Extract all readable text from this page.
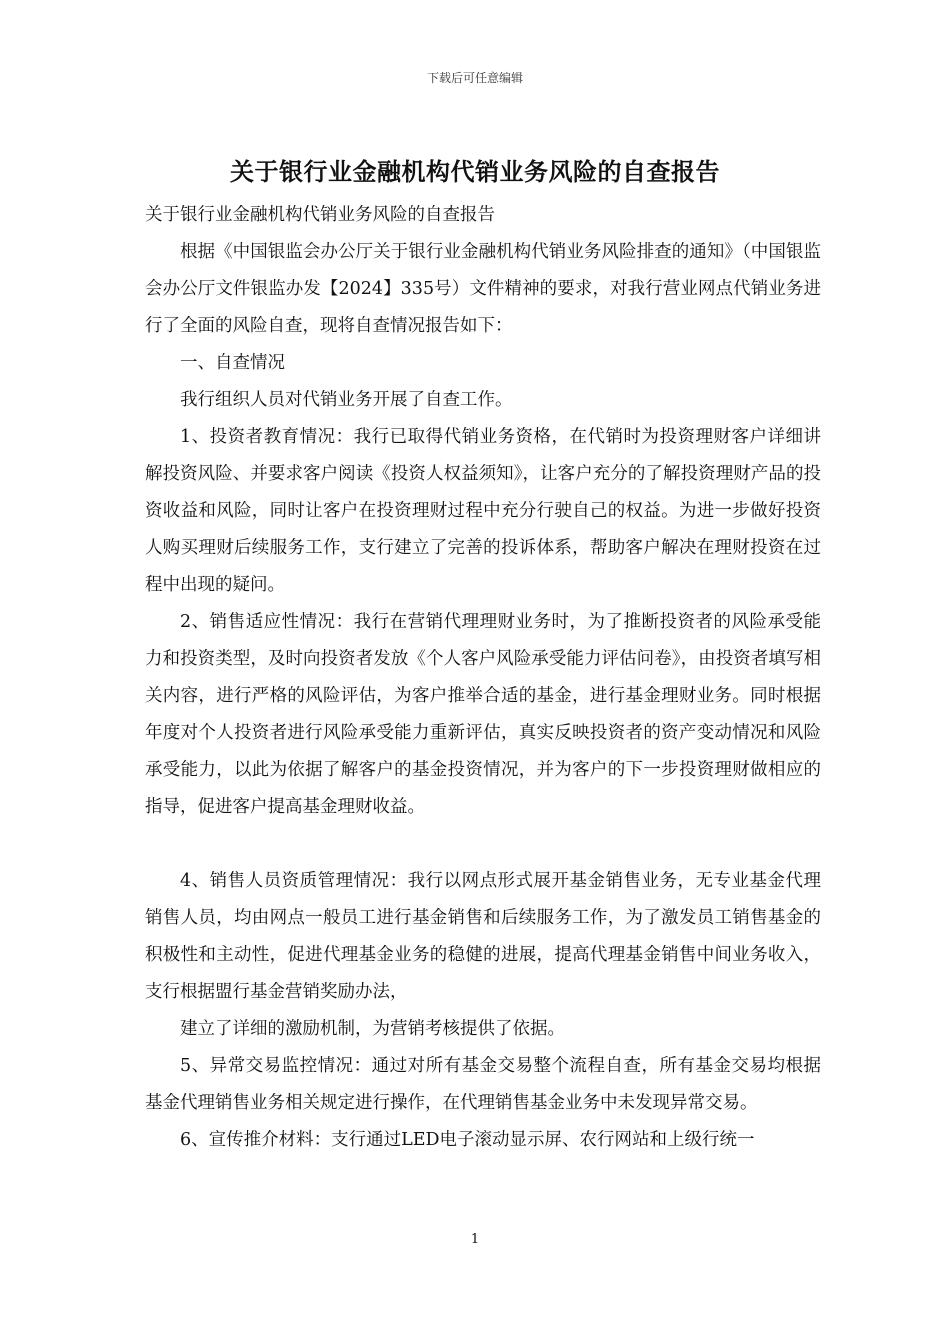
下载后可任意编辑
关于银行业金融机构代销业务风险的自查报告

关于银行业金融机构代销业务风险的自查报告

根据《中国银监会办公厅关于银行业金融机构代销业务风险排查的通知》（中国银监会办公厅文件银监办发【2024】335号）文件精神的要求，对我行营业网点代销业务进行了全面的风险自查，现将自查情况报告如下：

一、自查情况

我行组织人员对代销业务开展了自查工作。

1、投资者教育情况：我行已取得代销业务资格，在代销时为投资理财客户详细讲解投资风险、并要求客户阅读《投资人权益须知》，让客户充分的了解投资理财产品的投资收益和风险，同时让客户在投资理财过程中充分行驶自己的权益。为进一步做好投资人购买理财后续服务工作，支行建立了完善的投诉体系，帮助客户解决在理财投资在过程中出现的疑问。

2、销售适应性情况：我行在营销代理理财业务时，为了推断投资者的风险承受能力和投资类型，及时向投资者发放《个人客户风险承受能力评估问卷》，由投资者填写相关内容，进行严格的风险评估，为客户推举合适的基金，进行基金理财业务。同时根据年度对个人投资者进行风险承受能力重新评估，真实反映投资者的资产变动情况和风险承受能力，以此为依据了解客户的基金投资情况，并为客户的下一步投资理财做相应的指导，促进客户提高基金理财收益。

4、销售人员资质管理情况：我行以网点形式展开基金销售业务，无专业基金代理销售人员，均由网点一般员工进行基金销售和后续服务工作，为了激发员工销售基金的积极性和主动性，促进代理基金业务的稳健的进展，提高代理基金销售中间业务收入，支行根据盟行基金营销奖励办法，

建立了详细的激励机制，为营销考核提供了依据。

5、异常交易监控情况：通过对所有基金交易整个流程自查，所有基金交易均根据基金代理销售业务相关规定进行操作，在代理销售基金业务中未发现异常交易。

6、宣传推介材料：支行通过LED电子滚动显示屏、农行网站和上级行统一

1
